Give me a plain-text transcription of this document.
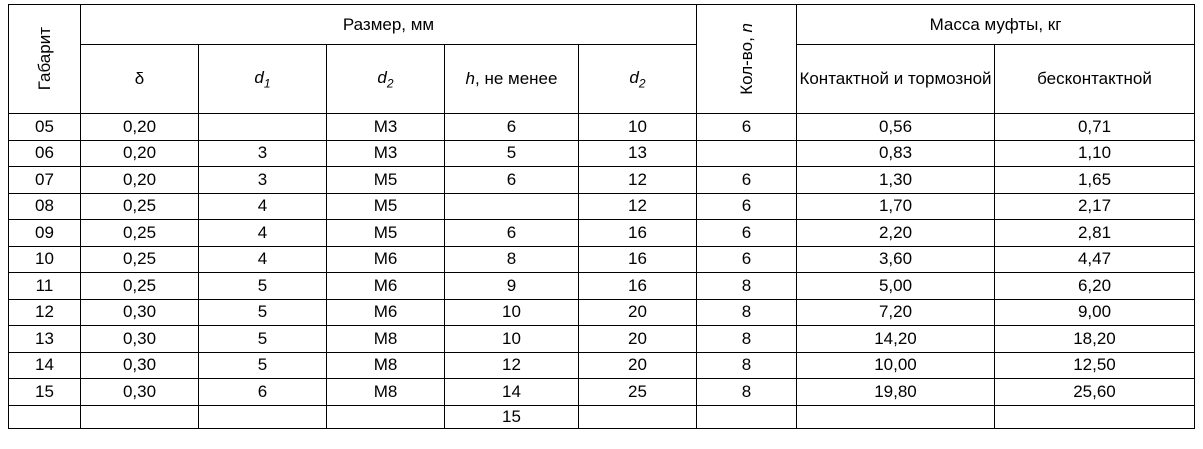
Габарит	Размер, мм					Кол-во, n	Масса муфты, кг	
	δ	$d_1$	$d_2$	h, не менее	$d_2$		Контактной и тормозной	бесконтактной
05	0,20		М3	6	10	6	0,56	0,71
06	0,20	3	М3	5	13		0,83	1,10
07	0,20	3	М5	6	12	6	1,30	1,65
08	0,25	4	М5		12	6	1,70	2,17
09	0,25	4	М5	6	16	6	2,20	2,81
10	0,25	4	М6	8	16	6	3,60	4,47
11	0,25	5	М6	9	16	8	5,00	6,20
12	0,30	5	М6	10	20	8	7,20	9,00
13	0,30	5	М8	10	20	8	14,20	18,20
14	0,30	5	М8	12	20	8	10,00	12,50
15	0,30	6	М8	14	25	8	19,80	25,60
				15				
